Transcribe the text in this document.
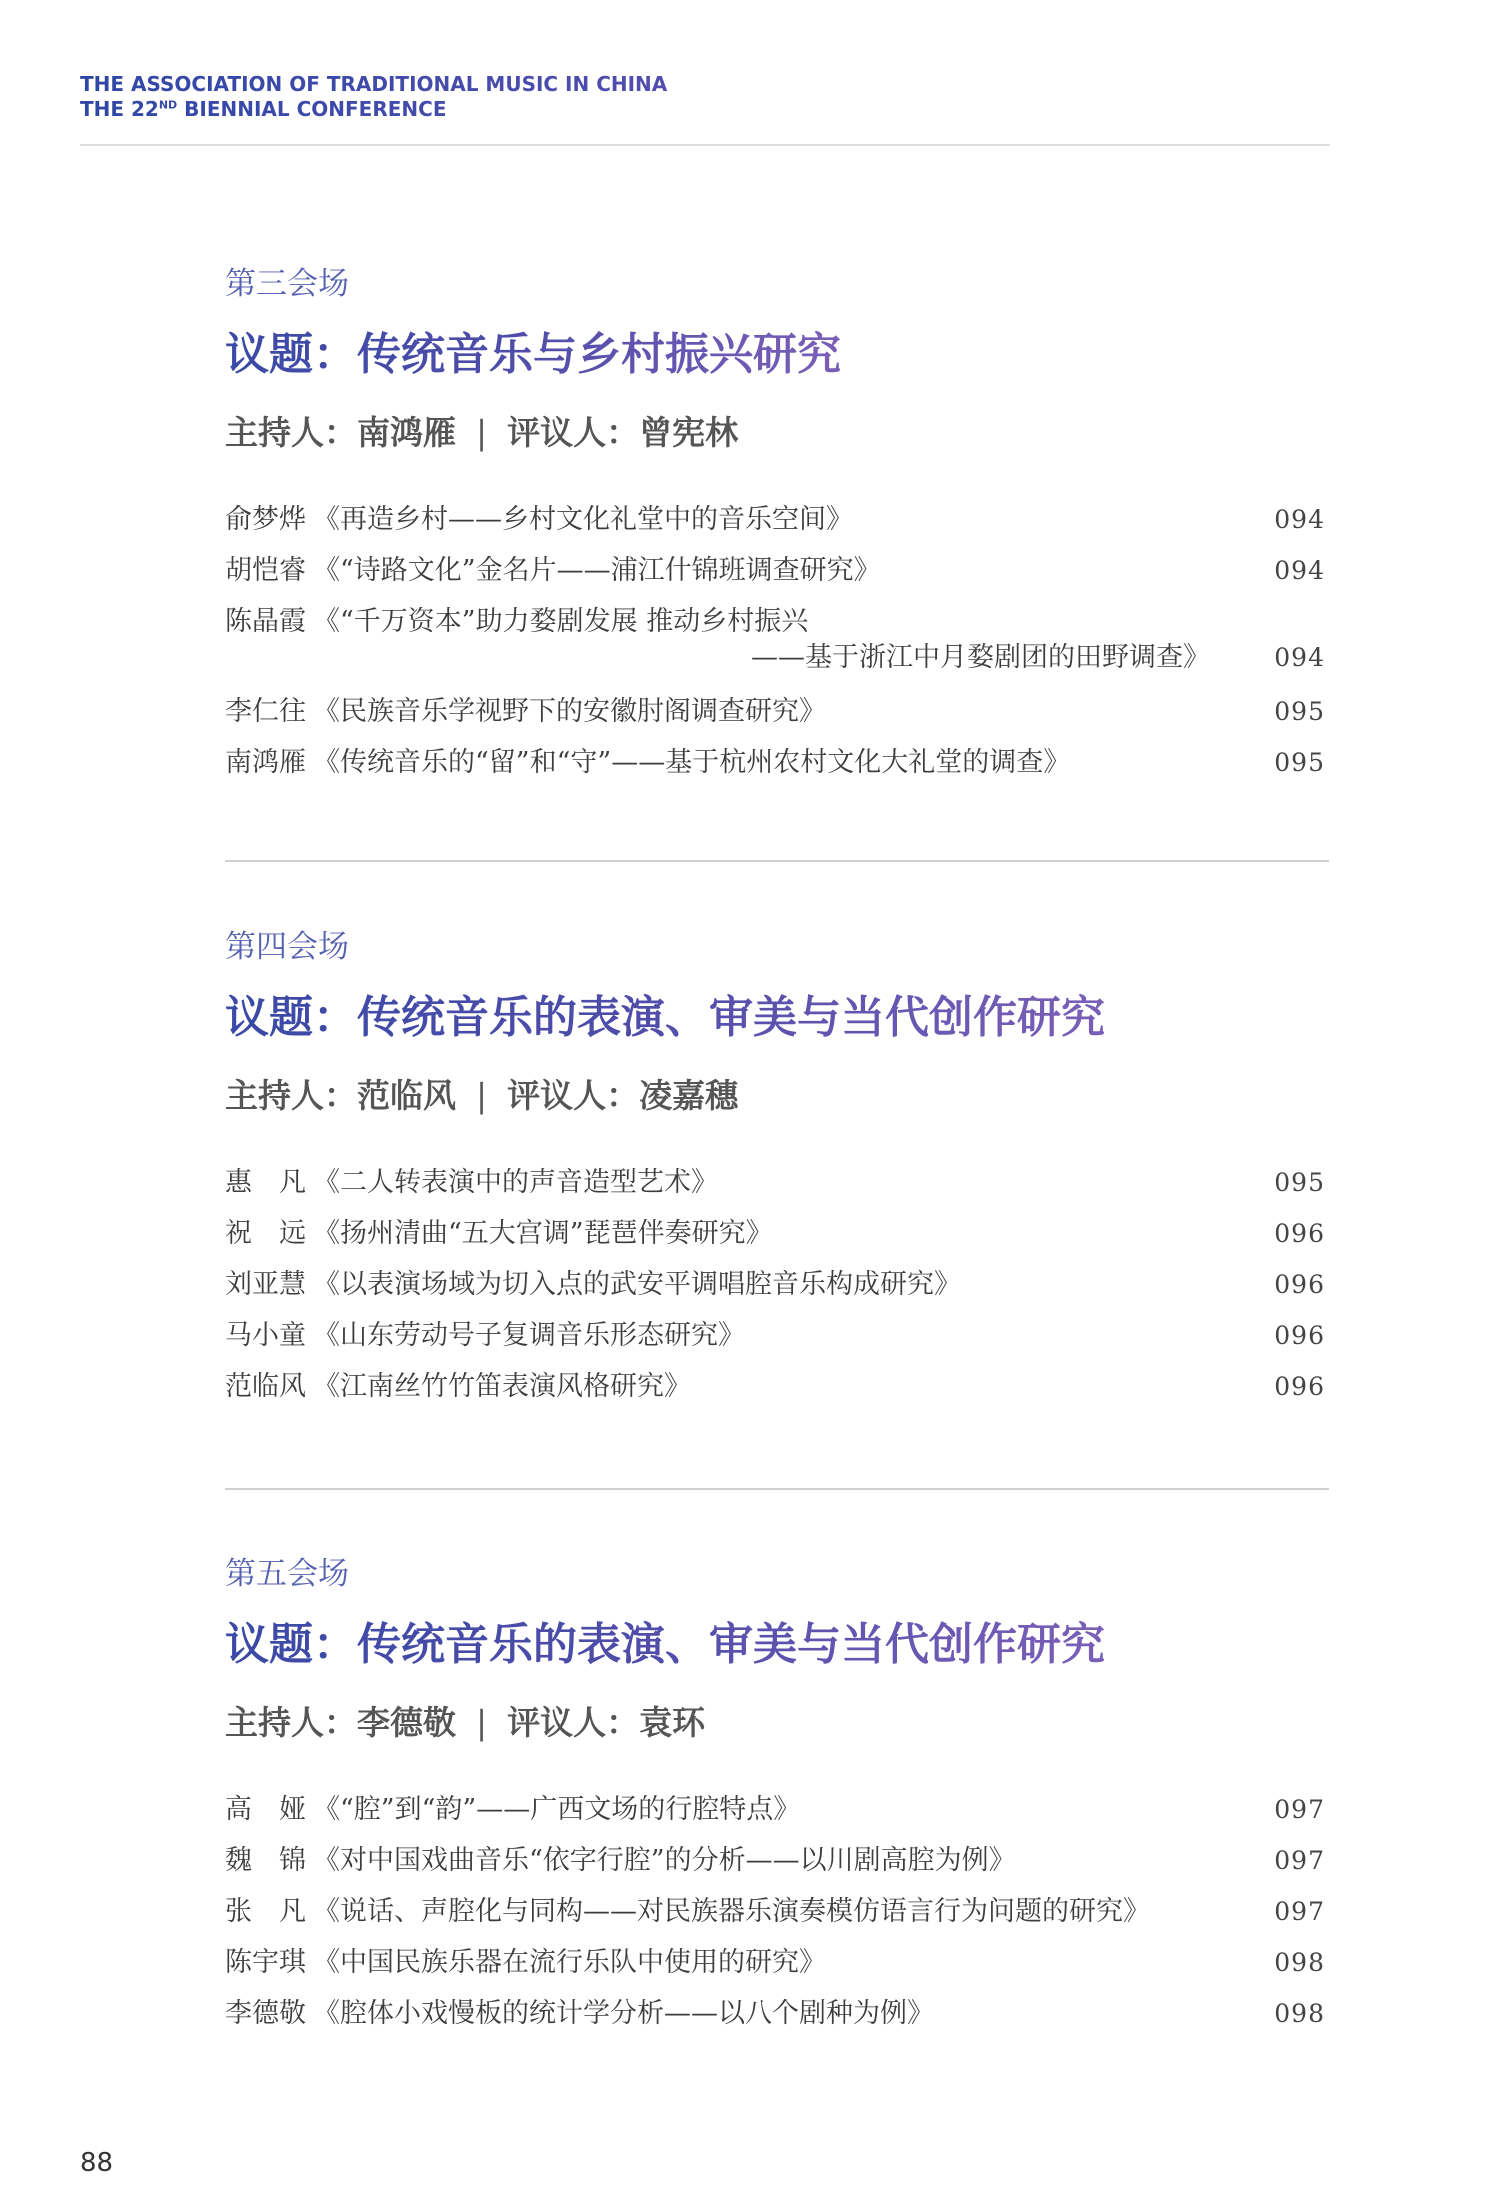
THE ASSOCIATION OF TRADITIONAL MUSIC IN CHINA
THE 22ND BIENNIAL CONFERENCE
第三会场
议题：传统音乐与乡村振兴研究
主持人：南鸿雁 | 评议人：曾宪林
俞梦烨 《再造乡村——乡村文化礼堂中的音乐空间》	094
胡恺睿 《“诗路文化”金名片——浦江什锦班调查研究》	094
陈晶霞 《“千万资本”助力婺剧发展 推动乡村振兴
——基于浙江中月婺剧团的田野调查》	094
李仁往 《民族音乐学视野下的安徽肘阁调查研究》	095
南鸿雁 《传统音乐的“留”和“守”——基于杭州农村文化大礼堂的调查》	095
第四会场
议题：传统音乐的表演、审美与当代创作研究
主持人：范临风 | 评议人：凌嘉穗
惠　凡 《二人转表演中的声音造型艺术》	095
祝　远 《扬州清曲“五大宫调”琵琶伴奏研究》	096
刘亚慧 《以表演场域为切入点的武安平调唱腔音乐构成研究》	096
马小童 《山东劳动号子复调音乐形态研究》	096
范临风 《江南丝竹竹笛表演风格研究》	096
第五会场
议题：传统音乐的表演、审美与当代创作研究
主持人：李德敬 | 评议人：袁环
高　娅 《“腔”到“韵”——广西文场的行腔特点》	097
魏　锦 《对中国戏曲音乐“依字行腔”的分析——以川剧高腔为例》	097
张　凡 《说话、声腔化与同构——对民族器乐演奏模仿语言行为问题的研究》	097
陈宇琪 《中国民族乐器在流行乐队中使用的研究》	098
李德敬 《腔体小戏慢板的统计学分析——以八个剧种为例》	098
88
